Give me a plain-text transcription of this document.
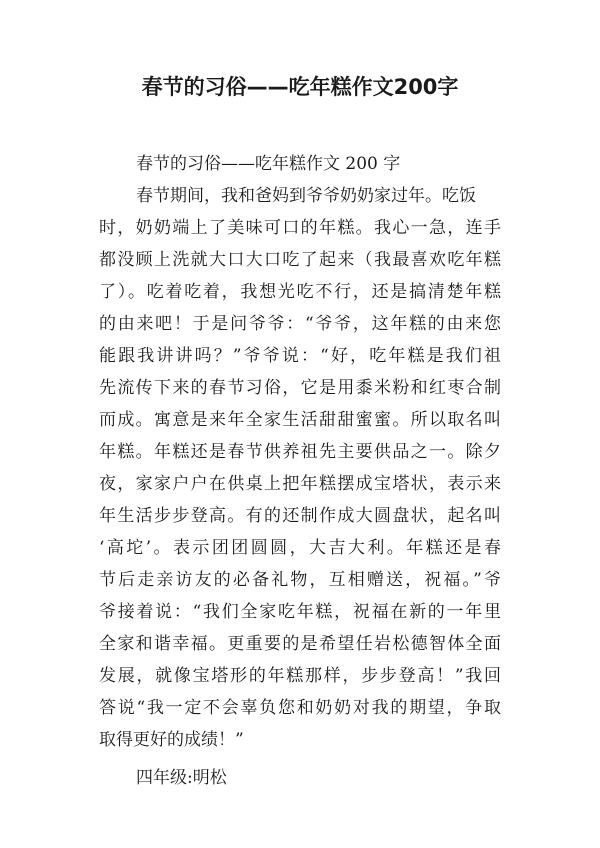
春节的习俗——吃年糕作文200字
春节的习俗——吃年糕作文 200 字
春节期间，我和爸妈到爷爷奶奶家过年。吃饭
时，奶奶端上了美味可口的年糕。我心一急，连手
都没顾上洗就大口大口吃了起来（我最喜欢吃年糕
了）。吃着吃着，我想光吃不行，还是搞清楚年糕
的由来吧！于是问爷爷：“爷爷，这年糕的由来您
能跟我讲讲吗？”爷爷说：“好，吃年糕是我们祖
先流传下来的春节习俗，它是用黍米粉和红枣合制
而成。寓意是来年全家生活甜甜蜜蜜。所以取名叫
年糕。年糕还是春节供养祖先主要供品之一。除夕
夜，家家户户在供桌上把年糕摆成宝塔状，表示来
年生活步步登高。有的还制作成大圆盘状，起名叫
‘高坨’。表示团团圆圆，大吉大利。年糕还是春
节后走亲访友的必备礼物，互相赠送，祝福。”爷
爷接着说：“我们全家吃年糕，祝福在新的一年里
全家和谐幸福。更重要的是希望任岩松德智体全面
发展，就像宝塔形的年糕那样，步步登高！”我回
答说“我一定不会辜负您和奶奶对我的期望，争取
取得更好的成绩！”
四年级:明松
